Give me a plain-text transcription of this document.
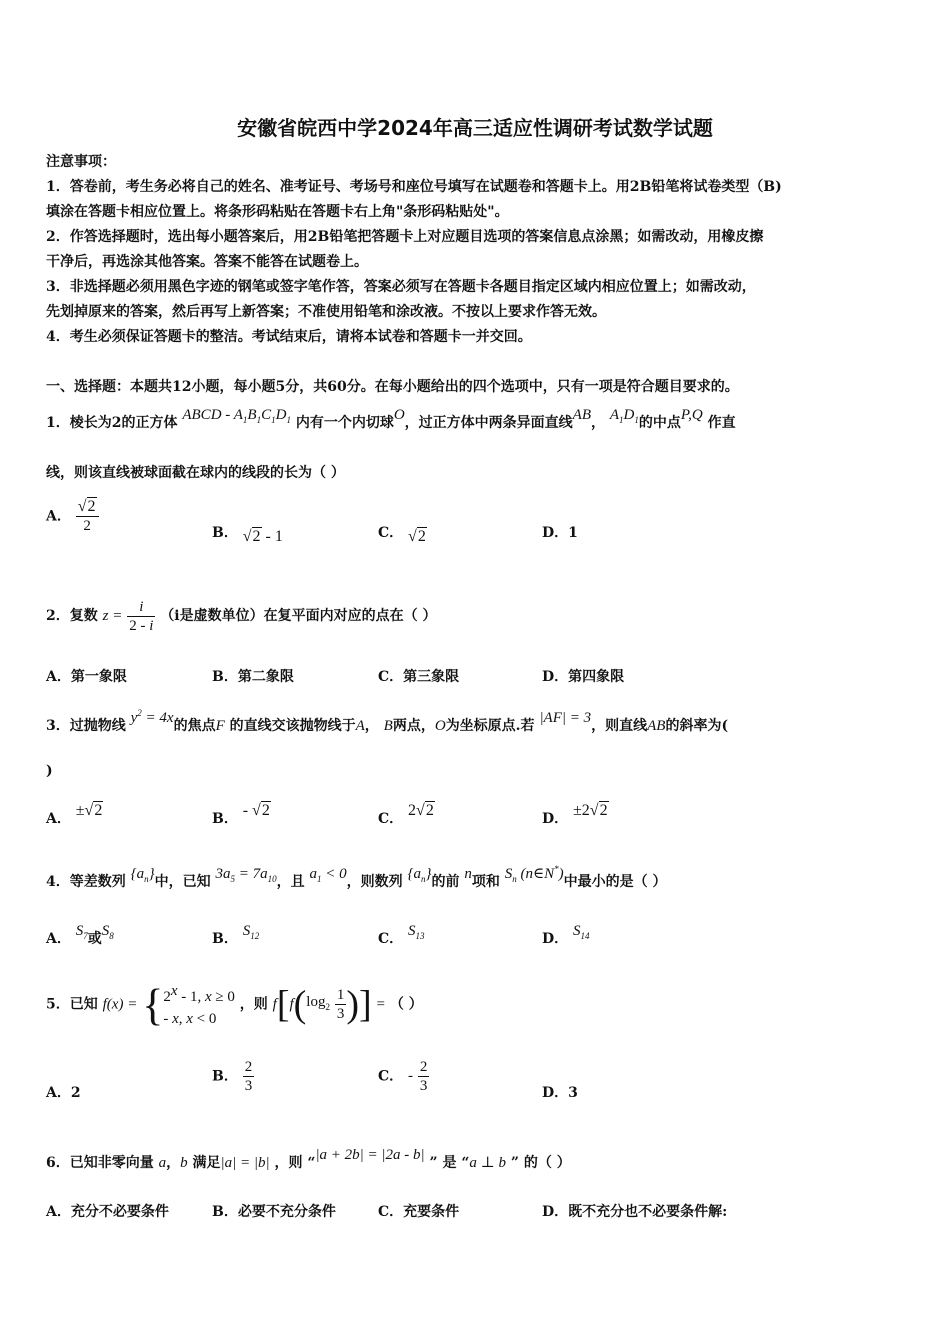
安徽省皖西中学2024年高三适应性调研考试数学试题
注意事项：
1．答卷前，考生务必将自己的姓名、准考证号、考场号和座位号填写在试题卷和答题卡上。用2B铅笔将试卷类型（B)
填涂在答题卡相应位置上。将条形码粘贴在答题卡右上角"条形码粘贴处"。
2．作答选择题时，选出每小题答案后，用2B铅笔把答题卡上对应题目选项的答案信息点涂黑；如需改动，用橡皮擦
干净后，再选涂其他答案。答案不能答在试题卷上。
3．非选择题必须用黑色字迹的钢笔或签字笔作答，答案必须写在答题卡各题目指定区域内相应位置上；如需改动，
先划掉原来的答案，然后再写上新答案；不准使用铅笔和涂改液。不按以上要求作答无效。
4．考生必须保证答题卡的整洁。考试结束后，请将本试卷和答题卡一并交回。
一、选择题：本题共12小题，每小题5分，共60分。在每小题给出的四个选项中，只有一项是符合题目要求的。
1．棱长为2的正方体 ABCD - $A_1B_1C_1D_1$ 内有一个内切球O，过正方体中两条异面直线AB， $A_1D_1$的中点P,Q 作直
线，则该直线被球面截在球内的线段的长为（ ）
A． $\frac{√2}{2}$	B． √2 - 1	C． √2	D．1
2．复数 $z = \frac{i}{2 - i} (i$是虚数单位）在复平面内对应的点在（ ）
A．第一象限	B．第二象限	C．第三象限	D．第四象限
3．过抛物线 $y^2 = 4x$的焦点F 的直线交该抛物线于A， B两点，O为坐标原点.若 |AF| = 3，则直线AB的斜率为(
)
A． ±√2	B． - √2	C． 2√2	D． ±2√2
4．等差数列 $\{a_n\}$中，已知 $3a_5 = 7a_{10}$，且 $a_1 < 0$，则数列 $\{a_n\}$的前 n项和 $S_n$ (n∈N*)中最小的是（ ）
A． $S_7$或$S_8$	B． $S_{12}$	C． $S_{13}$	D． $S_{14}$
5．已知 $f(x) = \{2^x - 1$, x ≥ 0
- x, x < 0 ，则 $f[f(\log_2 \frac{1}{3}$ )] = （ ）
A．2
B． $\frac{2}{3}$	C． - $\frac{2}{3}$	D．3
6．已知非零向量 a，b 满足|a| = |b| ，则 “|a + 2b| = |2a - b| ” 是 “a ⊥ b ” 的（ ）
A．充分不必要条件	B．必要不充分条件	C．充要条件	D．既不充分也不必要条件解:
